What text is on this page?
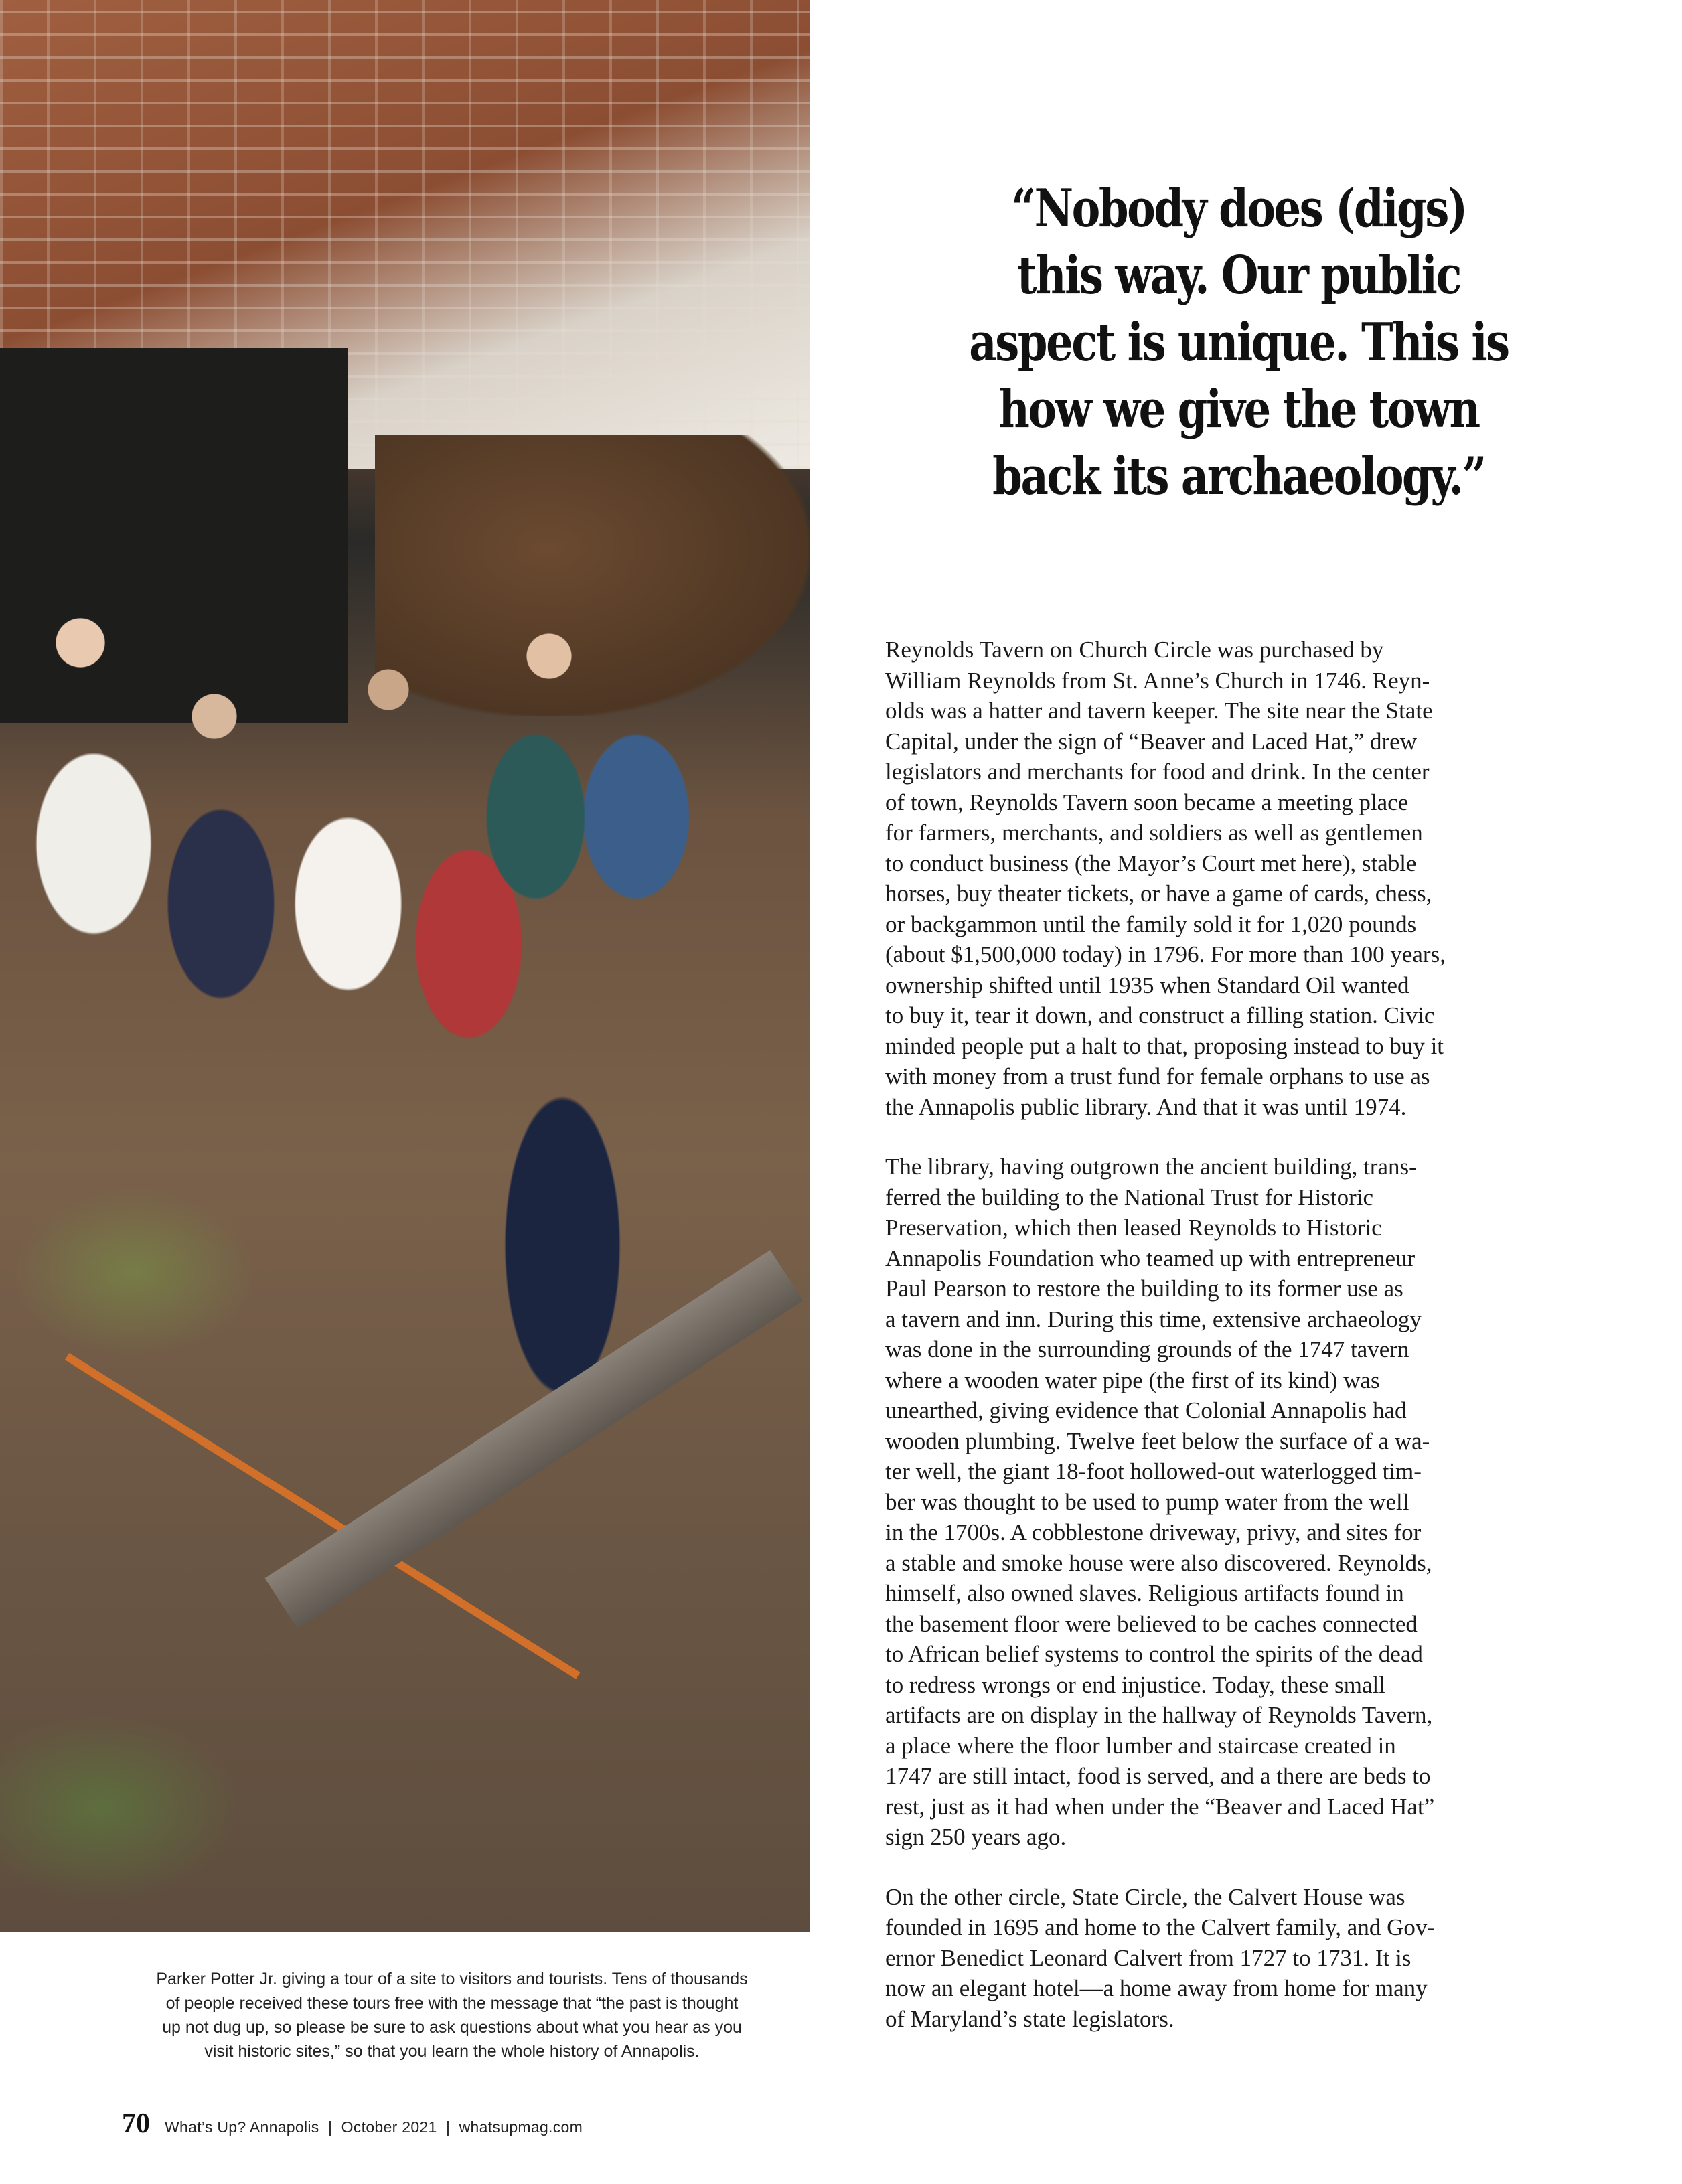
Parker Potter Jr. giving a tour of a site to visitors and tourists. Tens of thousands
of people received these tours free with the message that “the past is thought
up not dug up, so please be sure to ask questions about what you hear as you
visit historic sites,” so that you learn the whole history of Annapolis.
“Nobody does (digs)
this way. Our public
aspect is unique. This is
how we give the town
back its archaeology.”

Reynolds Tavern on Church Circle was purchased by
William Reynolds from St. Anne’s Church in 1746. Reyn-
olds was a hatter and tavern keeper. The site near the State
Capital, under the sign of “Beaver and Laced Hat,” drew
legislators and merchants for food and drink. In the center
of town, Reynolds Tavern soon became a meeting place
for farmers, merchants, and soldiers as well as gentlemen
to conduct business (the Mayor’s Court met here), stable
horses, buy theater tickets, or have a game of cards, chess,
or backgammon until the family sold it for 1,020 pounds
(about $1,500,000 today) in 1796. For more than 100 years,
ownership shifted until 1935 when Standard Oil wanted
to buy it, tear it down, and construct a filling station. Civic
minded people put a halt to that, proposing instead to buy it
with money from a trust fund for female orphans to use as
the Annapolis public library. And that it was until 1974.

The library, having outgrown the ancient building, trans-
ferred the building to the National Trust for Historic
Preservation, which then leased Reynolds to Historic
Annapolis Foundation who teamed up with entrepreneur
Paul Pearson to restore the building to its former use as
a tavern and inn. During this time, extensive archaeology
was done in the surrounding grounds of the 1747 tavern
where a wooden water pipe (the first of its kind) was
unearthed, giving evidence that Colonial Annapolis had
wooden plumbing. Twelve feet below the surface of a wa-
ter well, the giant 18-foot hollowed-out waterlogged tim-
ber was thought to be used to pump water from the well
in the 1700s. A cobblestone driveway, privy, and sites for
a stable and smoke house were also discovered. Reynolds,
himself, also owned slaves. Religious artifacts found in
the basement floor were believed to be caches connected
to African belief systems to control the spirits of the dead
to redress wrongs or end injustice. Today, these small
artifacts are on display in the hallway of Reynolds Tavern,
a place where the floor lumber and staircase created in
1747 are still intact, food is served, and a there are beds to
rest, just as it had when under the “Beaver and Laced Hat”
sign 250 years ago.

On the other circle, State Circle, the Calvert House was
founded in 1695 and home to the Calvert family, and Gov-
ernor Benedict Leonard Calvert from 1727 to 1731. It is
now an elegant hotel—a home away from home for many
of Maryland’s state legislators.

70 What’s Up? Annapolis  |  October 2021  |  whatsupmag.com
